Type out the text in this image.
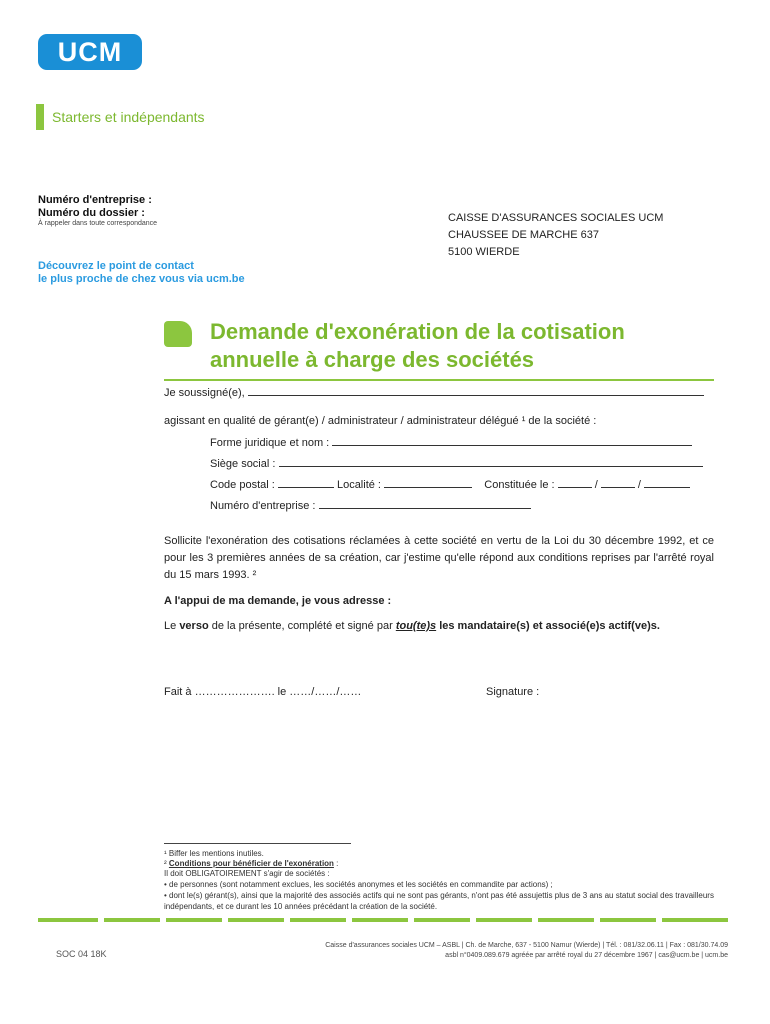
UCM
Starters et indépendants
Numéro d'entreprise :
Numéro du dossier :
À rappeler dans toute correspondance	CAISSE D'ASSURANCES SOCIALES UCM
CHAUSSEE DE MARCHE 637
5100 WIERDE
Découvrez le point de contact
le plus proche de chez vous via ucm.be
Demande d'exonération de la cotisation
annuelle à charge des sociétés
Je soussigné(e),
agissant en qualité de gérant(e) / administrateur / administrateur délégué ¹ de la société :
Forme juridique et nom :
Siège social :
Code postal :	Localité :	Constituée le :	/	/
Numéro d'entreprise :
Sollicite l'exonération des cotisations réclamées à cette société en vertu de la Loi du 30 décembre 1992, et ce pour les 3 premières années de sa création, car j'estime qu'elle répond aux conditions reprises par l'arrêté royal du 15 mars 1993. ²
A l'appui de ma demande, je vous adresse :
Le verso de la présente, complété et signé par tou(te)s les mandataire(s) et associé(e)s actif(ve)s.
Fait à …………………. le ……/……/……	Signature :
¹ Biffer les mentions inutiles.
² Conditions pour bénéficier de l'exonération :
Il doit OBLIGATOIREMENT s'agir de sociétés :
• de personnes (sont notamment exclues, les sociétés anonymes et les sociétés en commandite par actions) ;
• dont le(s) gérant(s), ainsi que la majorité des associés actifs qui ne sont pas gérants, n'ont pas été assujettis plus de 3 ans au statut social des travailleurs indépendants, et ce durant les 10 années précédant la création de la société.
SOC 04 18K
Caisse d'assurances sociales UCM – ASBL | Ch. de Marche, 637 - 5100 Namur (Wierde) | Tél. : 081/32.06.11 | Fax : 081/30.74.09
asbl n°0409.089.679 agréée par arrêté royal du 27 décembre 1967 | cas@ucm.be | ucm.be
